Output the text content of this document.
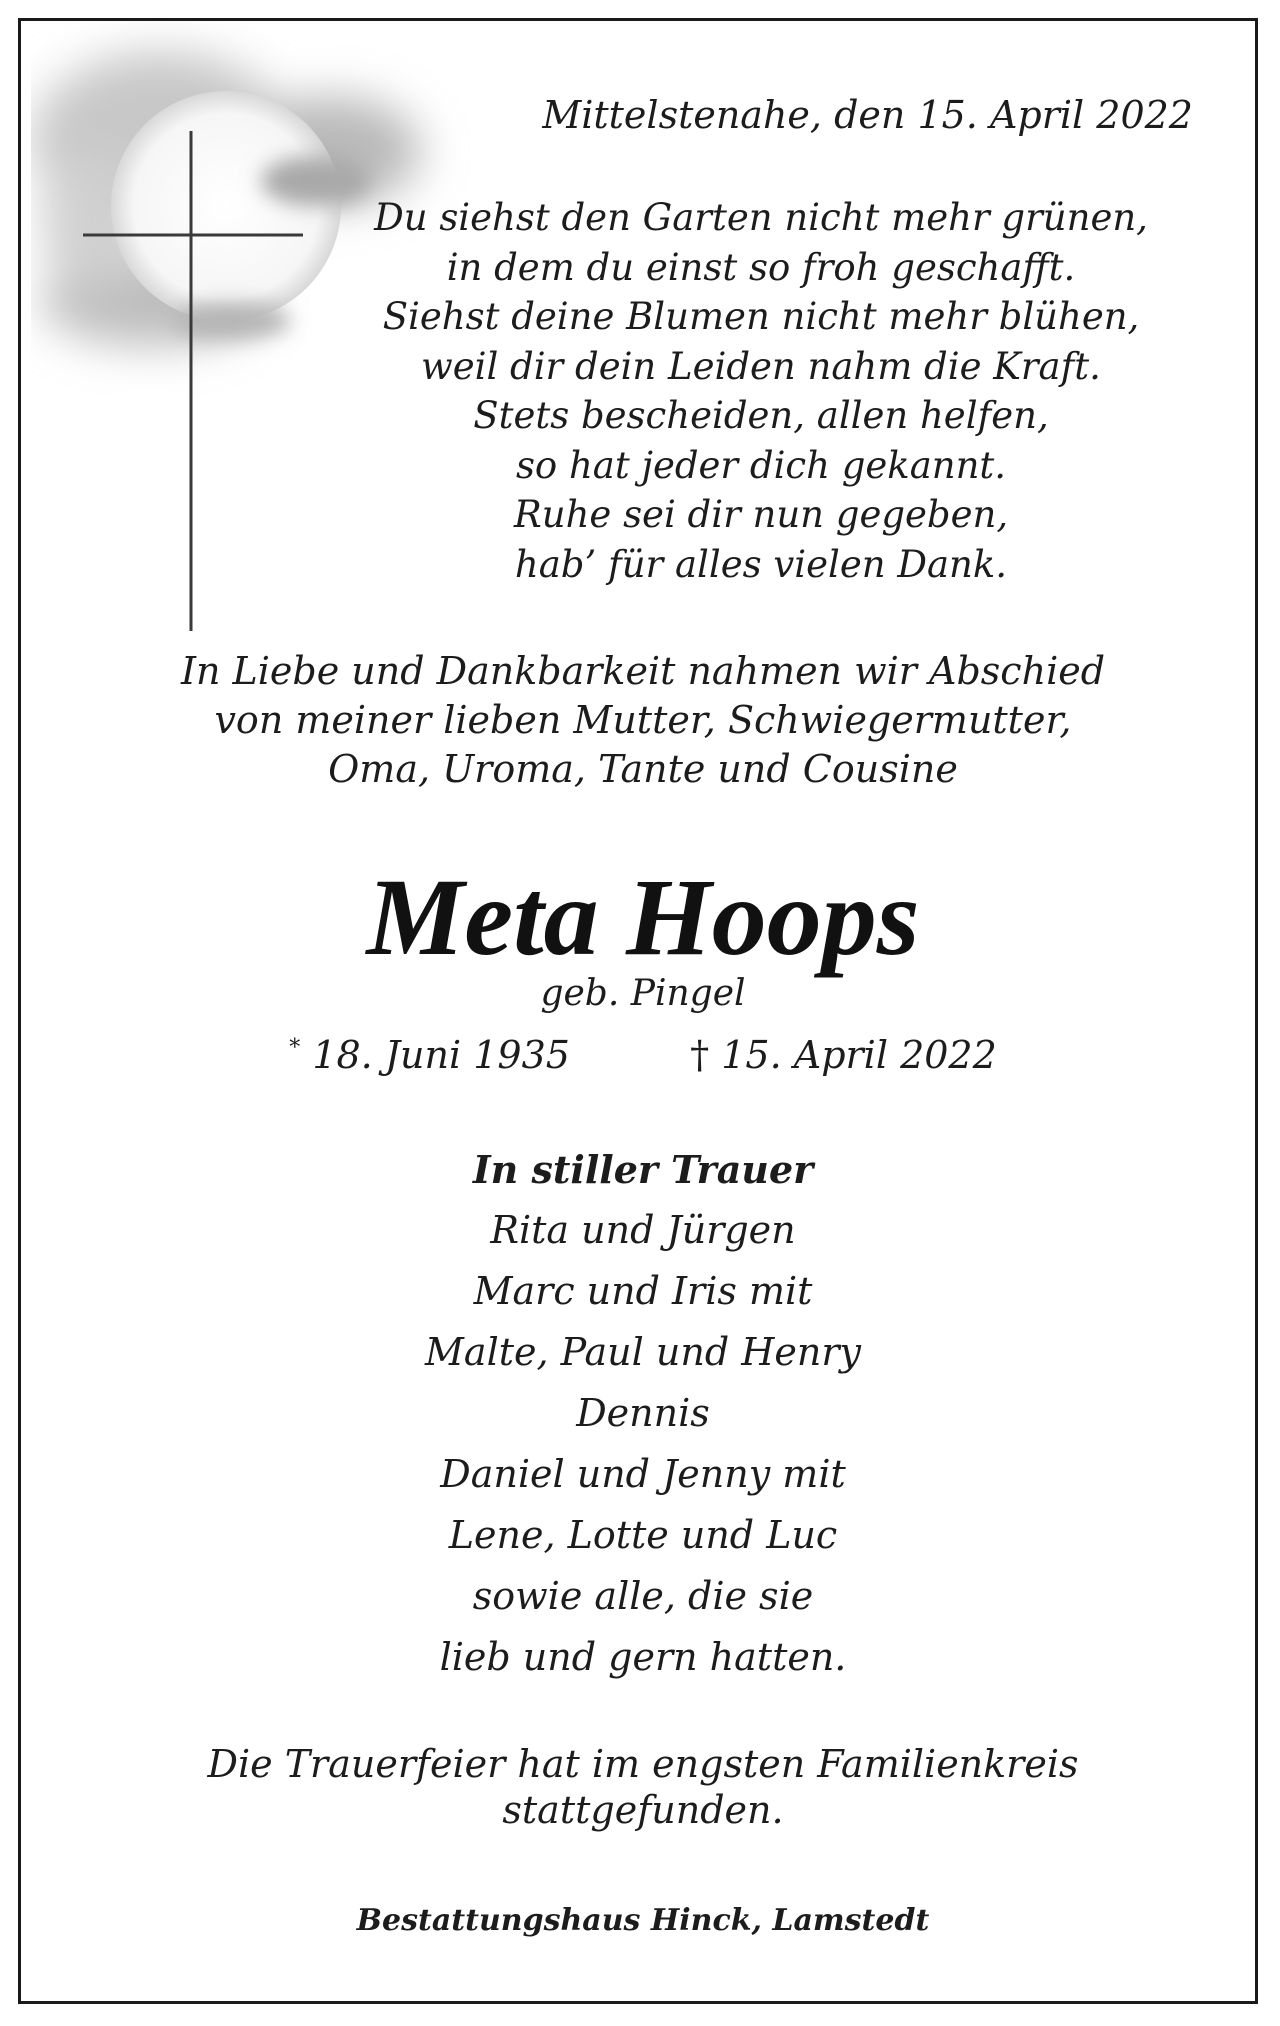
Mittelstenahe, den 15. April 2022
Du siehst den Garten nicht mehr grünen,
in dem du einst so froh geschafft.
Siehst deine Blumen nicht mehr blühen,
weil dir dein Leiden nahm die Kraft.
Stets bescheiden, allen helfen,
so hat jeder dich gekannt.
Ruhe sei dir nun gegeben,
hab’ für alles vielen Dank.
In Liebe und Dankbarkeit nahmen wir Abschied
von meiner lieben Mutter, Schwiegermutter,
Oma, Uroma, Tante und Cousine
Meta Hoops
geb. Pingel
* 18. Juni 1935	† 15. April 2022
In stiller Trauer
Rita und Jürgen
Marc und Iris mit
Malte, Paul und Henry
Dennis
Daniel und Jenny mit
Lene, Lotte und Luc
sowie alle, die sie
lieb und gern hatten.
Die Trauerfeier hat im engsten Familienkreis
stattgefunden.
Bestattungshaus Hinck, Lamstedt
